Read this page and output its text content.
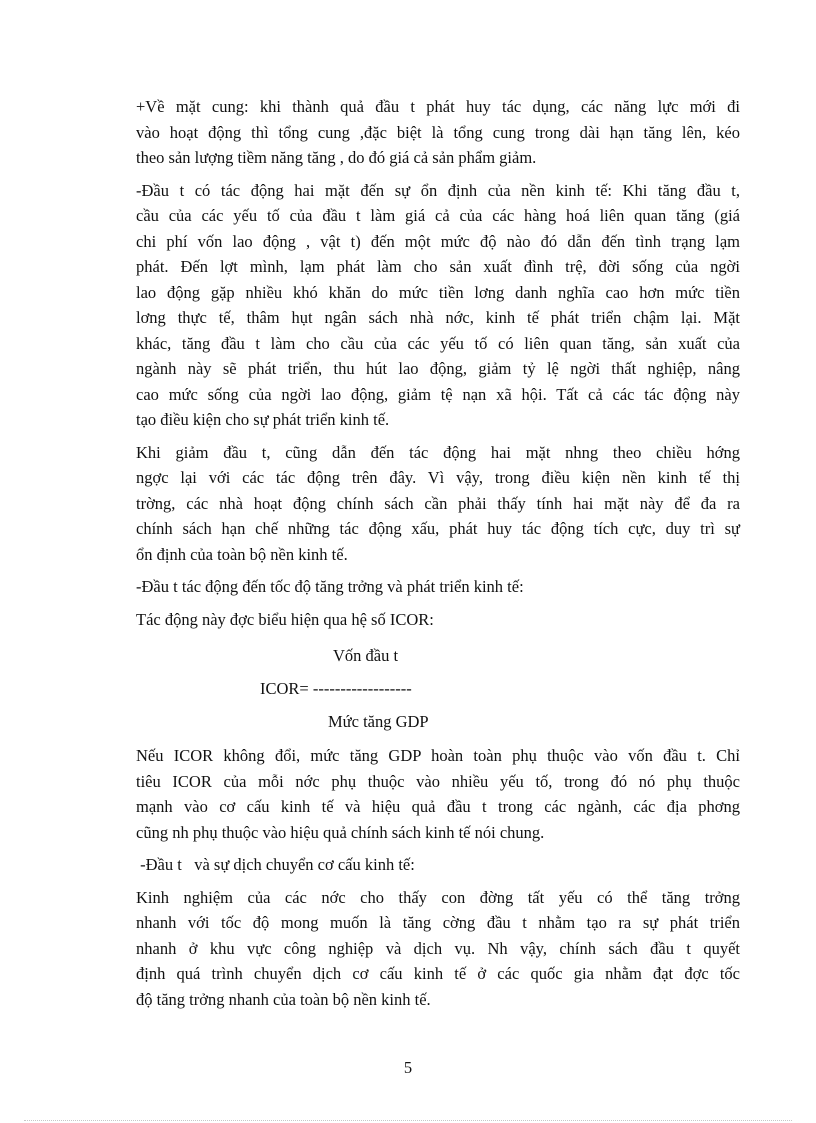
+Về mặt cung: khi thành quả đầu t phát huy tác dụng, các năng lực mới đi
vào hoạt động thì tổng cung ,đặc biệt là tổng cung trong dài hạn tăng lên, kéo
theo sản lượng tiềm năng tăng , do đó giá cả sản phẩm giảm.
-Đầu t có tác động hai mặt đến sự ổn định của nền kinh tế: Khi tăng đầu t,
cầu của các yếu tố của đầu t làm giá cả của các hàng hoá liên quan tăng (giá
chi phí vốn lao động , vật t) đến một mức độ nào đó dẫn đến tình trạng lạm
phát. Đến lợt mình, lạm phát làm cho sản xuất đình trệ, đời sống của ngời
lao động gặp nhiều khó khăn do mức tiền lơng danh nghĩa cao hơn mức tiền
lơng thực tế, thâm hụt ngân sách nhà nớc, kinh tế phát triển chậm lại. Mặt
khác, tăng đầu t làm cho cầu của các yếu tố có liên quan tăng, sản xuất của
ngành này sẽ phát triển, thu hút lao động, giảm tỷ lệ ngời thất nghiệp, nâng
cao mức sống của ngời lao động, giảm tệ nạn xã hội. Tất cả các tác động này
tạo điều kiện cho sự phát triển kinh tế.
Khi giảm đầu t, cũng dẫn đến tác động hai mặt nhng theo chiều hớng
ngợc lại với các tác động trên đây. Vì vậy, trong điều kiện nền kinh tế thị
trờng, các nhà hoạt động chính sách cần phải thấy tính hai mặt này để đa ra
chính sách hạn chế những tác động xấu, phát huy tác động tích cực, duy trì sự
ổn định của toàn bộ nền kinh tế.
-Đầu t tác động đến tốc độ tăng trởng và phát triển kinh tế:
Tác động này đợc biểu hiện qua hệ số ICOR:
Vốn đầu t
ICOR= ------------------
Mức tăng GDP
Nếu ICOR không đổi, mức tăng GDP hoàn toàn phụ thuộc vào vốn đầu t. Chỉ
tiêu ICOR của mỗi nớc phụ thuộc vào nhiều yếu tố, trong đó nó phụ thuộc
mạnh vào cơ cấu kinh tế và hiệu quả đầu t trong các ngành, các địa phơng
cũng nh phụ thuộc vào hiệu quả chính sách kinh tế nói chung.
-Đầu t   và sự dịch chuyển cơ cấu kinh tế:
Kinh nghiệm của các nớc cho thấy con đờng tất yếu có thể tăng trởng
nhanh với tốc độ mong muốn là tăng cờng đầu t nhằm tạo ra sự phát triển
nhanh ở khu vực công nghiệp và dịch vụ. Nh vậy, chính sách đầu t quyết
định quá trình chuyển dịch cơ cấu kinh tế ở các quốc gia nhằm đạt đợc tốc
độ tăng trởng nhanh của toàn bộ nền kinh tế.
5
